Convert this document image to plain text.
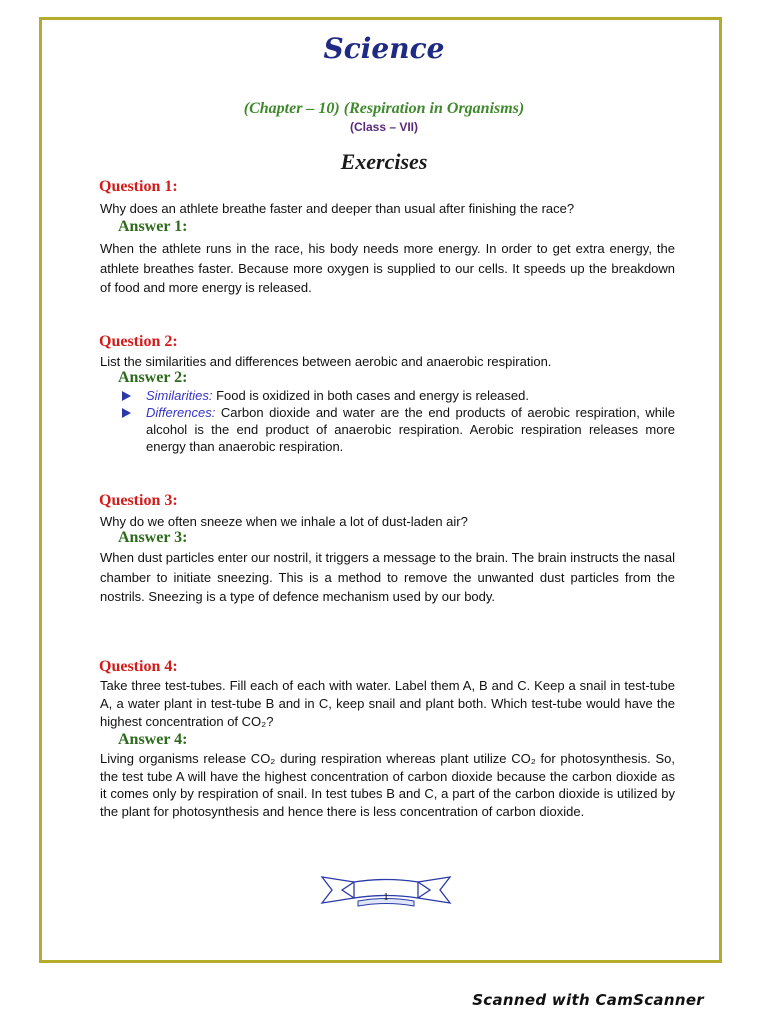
Science
(Chapter – 10) (Respiration in Organisms)
(Class – VII)
Exercises
Question 1:
Why does an athlete breathe faster and deeper than usual after finishing the race?
Answer 1:
When the athlete runs in the race, his body needs more energy. In order to get extra energy, the athlete breathes faster. Because more oxygen is supplied to our cells. It speeds up the breakdown of food and more energy is released.
Question 2:
List the similarities and differences between aerobic and anaerobic respiration.
Answer 2:
Similarities: Food is oxidized in both cases and energy is released.
Differences: Carbon dioxide and water are the end products of aerobic respiration, while alcohol is the end product of anaerobic respiration. Aerobic respiration releases more energy than anaerobic respiration.
Question 3:
Why do we often sneeze when we inhale a lot of dust-laden air?
Answer 3:
When dust particles enter our nostril, it triggers a message to the brain. The brain instructs the nasal chamber to initiate sneezing. This is a method to remove the unwanted dust particles from the nostrils. Sneezing is a type of defence mechanism used by our body.
Question 4:
Take three test-tubes. Fill each of each with water. Label them A, B and C. Keep a snail in test-tube A, a water plant in test-tube B and in C, keep snail and plant both. Which test-tube would have the highest concentration of CO₂?
Answer 4:
Living organisms release CO₂ during respiration whereas plant utilize CO₂ for photosynthesis. So, the test tube A will have the highest concentration of carbon dioxide because the carbon dioxide as it comes only by respiration of snail. In test tubes B and C, a part of the carbon dioxide is utilized by the plant for photosynthesis and hence there is less concentration of carbon dioxide.
1
Scanned with CamScanner
